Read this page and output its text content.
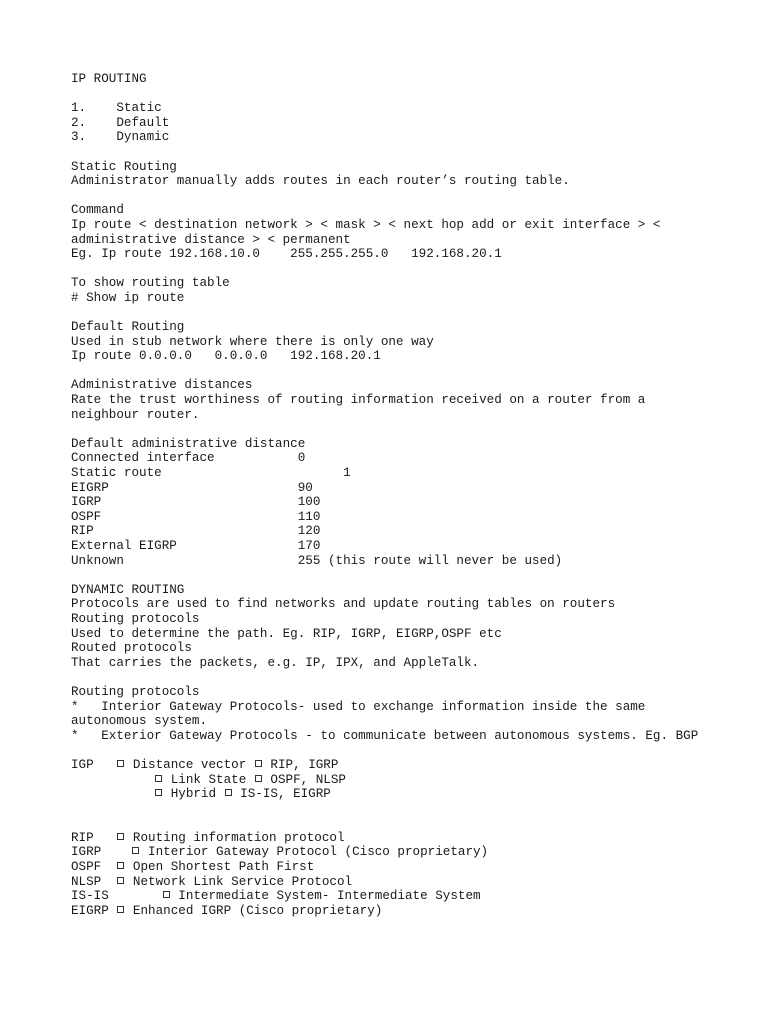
IP ROUTING
1.    Static
2.    Default
3.    Dynamic
Static Routing
Administrator manually adds routes in each router’s routing table.
Command
Ip route < destination network > < mask > < next hop add or exit interface > <
administrative distance > < permanent
Eg. Ip route 192.168.10.0    255.255.255.0   192.168.20.1
To show routing table
# Show ip route
Default Routing
Used in stub network where there is only one way
Ip route 0.0.0.0   0.0.0.0   192.168.20.1
Administrative distances
Rate the trust worthiness of routing information received on a router from a
neighbour router.
Default administrative distance
Connected interface           0
Static route                        1
EIGRP                         90
IGRP                          100
OSPF                          110
RIP                           120
External EIGRP                170
Unknown                       255 (this route will never be used)
DYNAMIC ROUTING
Protocols are used to find networks and update routing tables on routers
Routing protocols
Used to determine the path. Eg. RIP, IGRP, EIGRP,OSPF etc
Routed protocols
That carries the packets, e.g. IP, IPX, and AppleTalk.
Routing protocols
*   Interior Gateway Protocols- used to exchange information inside the same
autonomous system.
*   Exterior Gateway Protocols - to communicate between autonomous systems. Eg. BGP
IGP    Distance vector  RIP, IGRP
Link State  OSPF, NLSP
Hybrid  IS-IS, EIGRP
RIP    Routing information protocol
IGRP     Interior Gateway Protocol (Cisco proprietary)
OSPF   Open Shortest Path First
NLSP   Network Link Service Protocol
IS-IS        Intermediate System- Intermediate System
EIGRP  Enhanced IGRP (Cisco proprietary)
